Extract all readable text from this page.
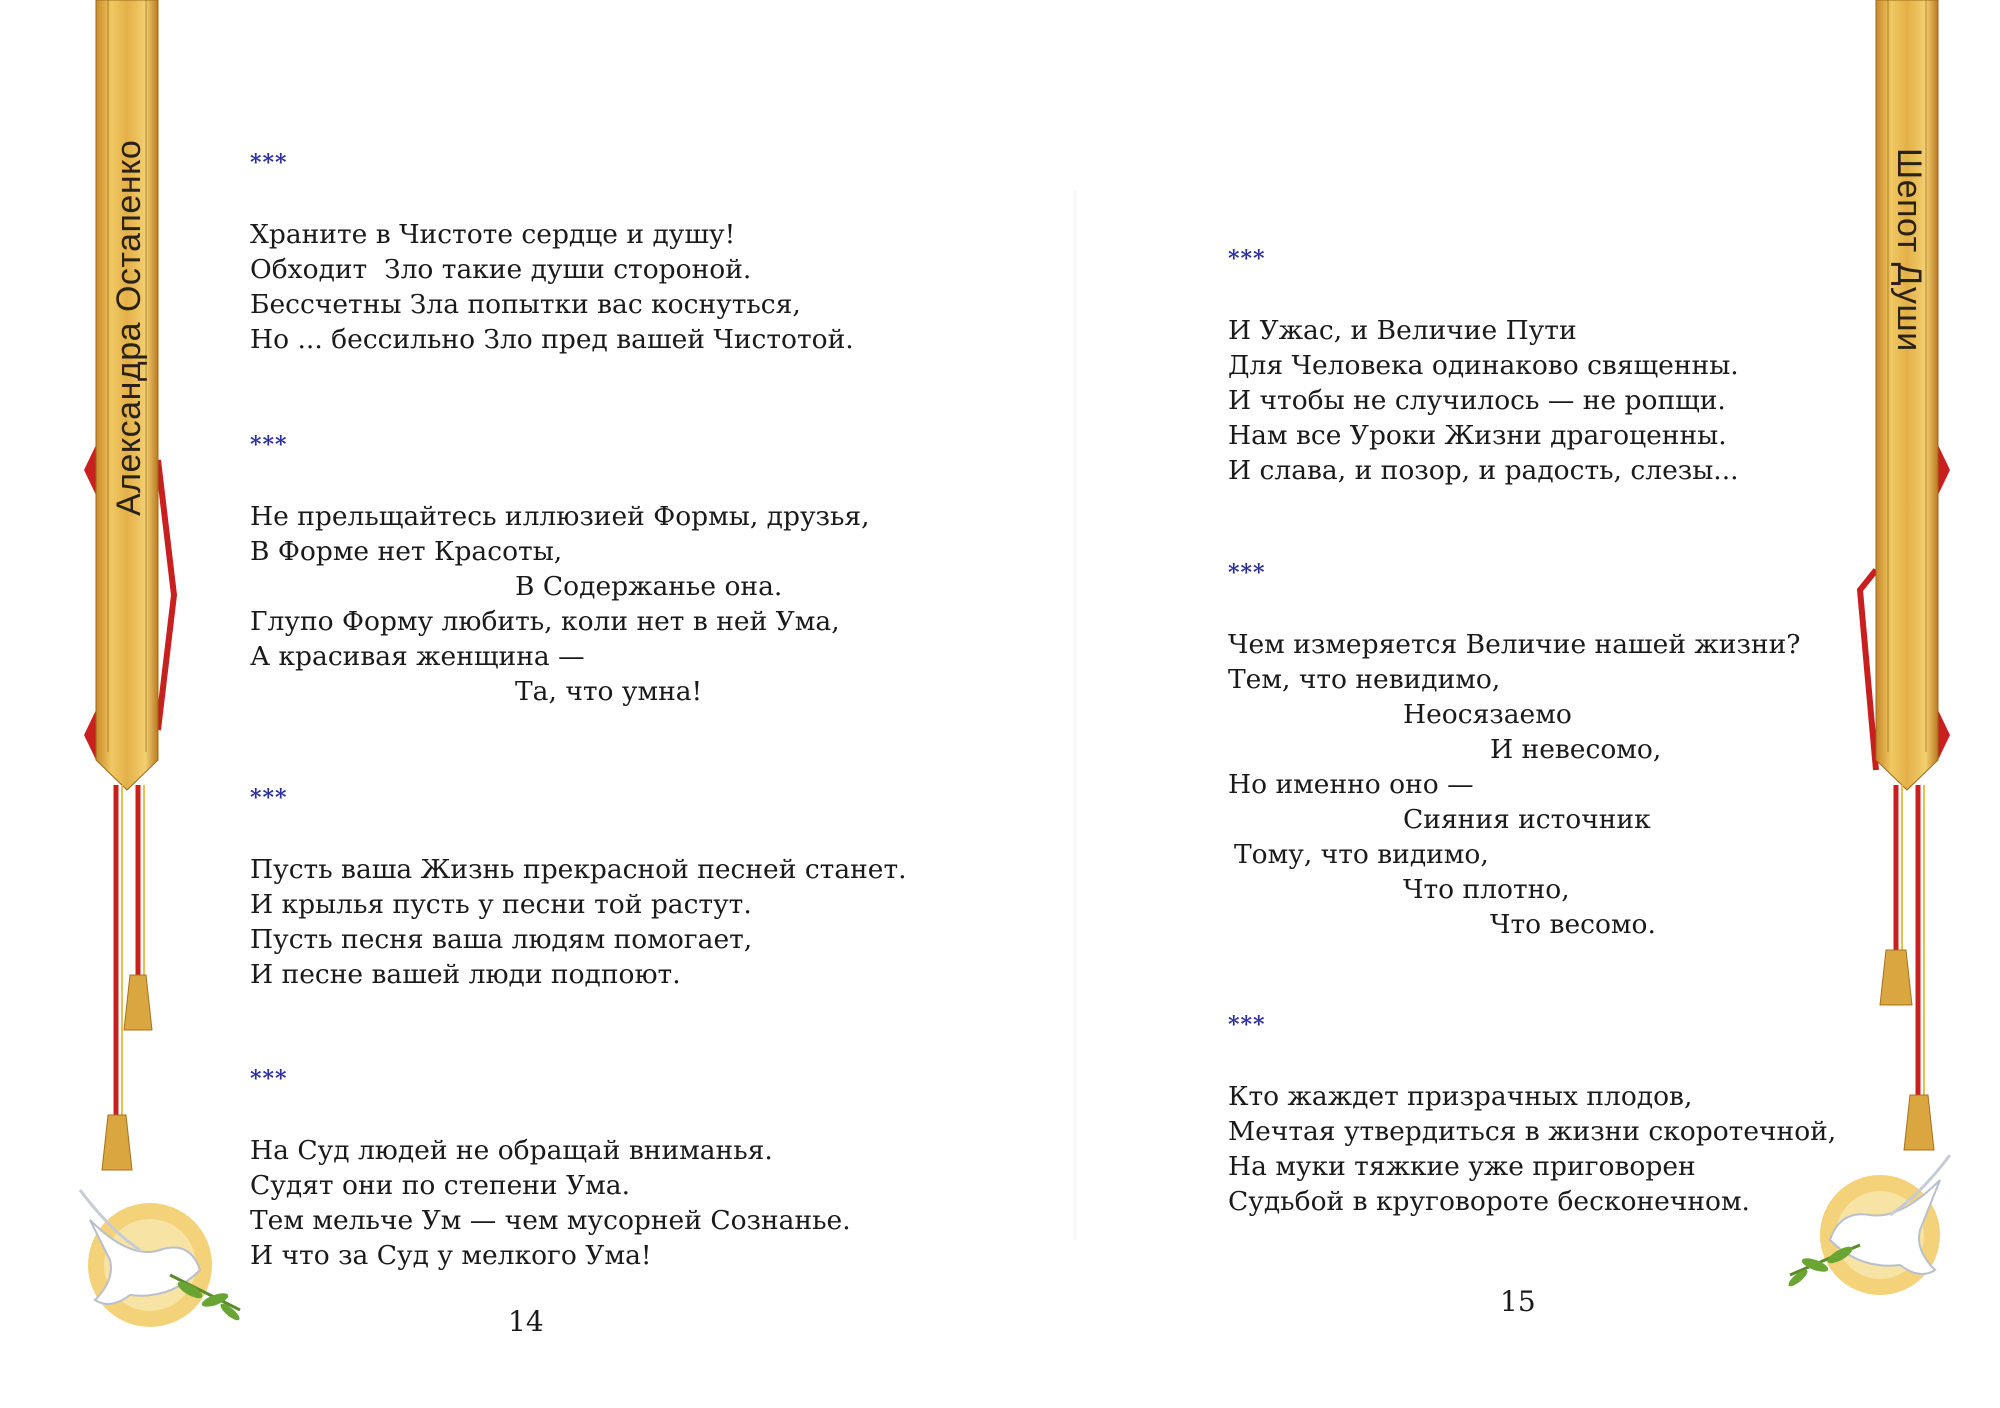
Александра Остапенко	Шепот Души
***
Храните в Чистоте сердце и душу!
Обходит  Зло такие души стороной.
Бессчетны Зла попытки вас коснуться,
Но ... бессильно Зло пред вашей Чистотой.
***
Не прельщайтесь иллюзией Формы, друзья,
В Форме нет Красоты,
В Содержанье она.
Глупо Форму любить, коли нет в ней Ума,
А красивая женщина —
Та, что умна!
***
Пусть ваша Жизнь прекрасной песней станет.
И крылья пусть у песни той растут.
Пусть песня ваша людям помогает,
И песне вашей люди подпоют.
***
На Суд людей не обращай вниманья.
Судят они по степени Ума.
Тем мельче Ум — чем мусорней Сознанье.
И что за Суд у мелкого Ума!
14
***
И Ужас, и Величие Пути
Для Человека одинаково священны.
И чтобы не случилось — не ропщи.
Нам все Уроки Жизни драгоценны.
И слава, и позор, и радость, слезы...
***
Чем измеряется Величие нашей жизни?
Тем, что невидимо,
Неосязаемо
И невесомо,
Но именно оно —
Сияния источник
Тому, что видимо,
Что плотно,
Что весомо.
***
Кто жаждет призрачных плодов,
Мечтая утвердиться в жизни скоротечной,
На муки тяжкие уже приговорен
Судьбой в круговороте бесконечном.
15
